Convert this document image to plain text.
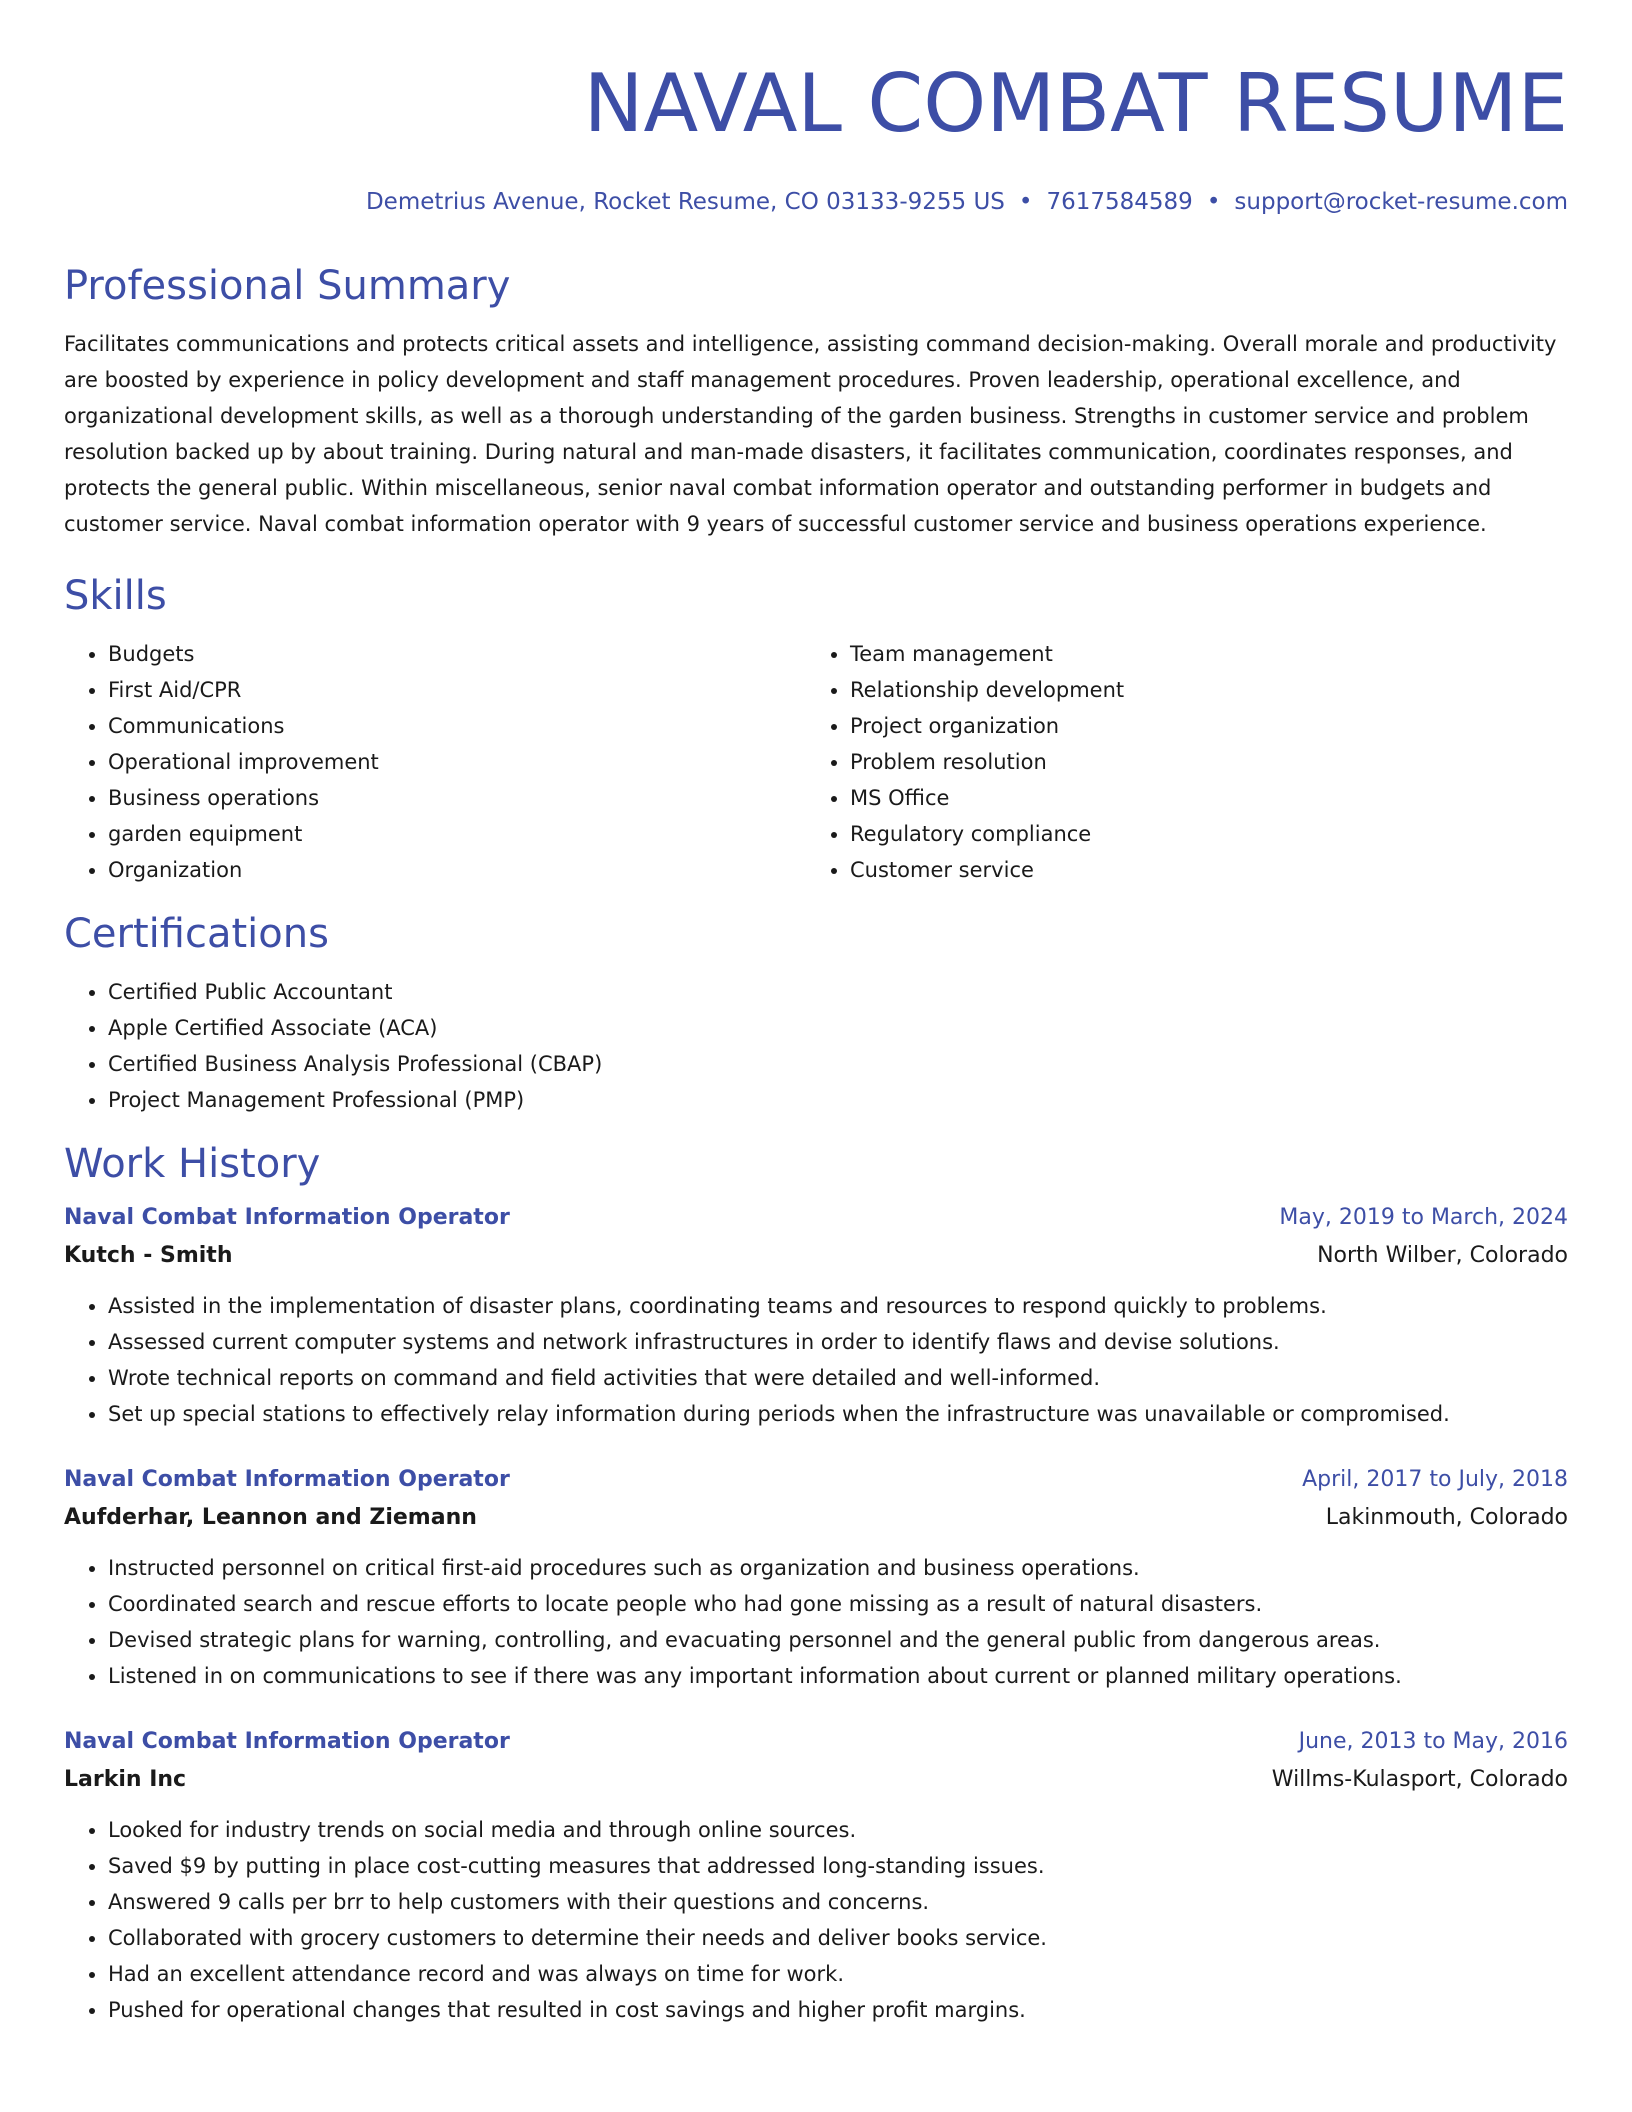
NAVAL COMBAT RESUME
Demetrius Avenue, Rocket Resume, CO 03133-9255 US • 7617584589 • support@rocket-resume.com
Professional Summary

Facilitates communications and protects critical assets and intelligence, assisting command decision-making. Overall morale and productivity are boosted by experience in policy development and staff management procedures. Proven leadership, operational excellence, and organizational development skills, as well as a thorough understanding of the garden business. Strengths in customer service and problem resolution backed up by about training. During natural and man-made disasters, it facilitates communication, coordinates responses, and protects the general public. Within miscellaneous, senior naval combat information operator and outstanding performer in budgets and customer service. Naval combat information operator with 9 years of successful customer service and business operations experience.

Skills
• Budgets
• First Aid/CPR
• Communications
• Operational improvement
• Business operations
• garden equipment
• Organization
• Team management
• Relationship development
• Project organization
• Problem resolution
• MS Office
• Regulatory compliance
• Customer service
Certifications
• Certified Public Accountant
• Apple Certified Associate (ACA)
• Certified Business Analysis Professional (CBAP)
• Project Management Professional (PMP)
Work History
Naval Combat Information Operator	May, 2019 to March, 2024
Kutch - Smith	North Wilber, Colorado
• Assisted in the implementation of disaster plans, coordinating teams and resources to respond quickly to problems.
• Assessed current computer systems and network infrastructures in order to identify flaws and devise solutions.
• Wrote technical reports on command and field activities that were detailed and well-informed.
• Set up special stations to effectively relay information during periods when the infrastructure was unavailable or compromised.
Naval Combat Information Operator	April, 2017 to July, 2018
Aufderhar, Leannon and Ziemann	Lakinmouth, Colorado
• Instructed personnel on critical first-aid procedures such as organization and business operations.
• Coordinated search and rescue efforts to locate people who had gone missing as a result of natural disasters.
• Devised strategic plans for warning, controlling, and evacuating personnel and the general public from dangerous areas.
• Listened in on communications to see if there was any important information about current or planned military operations.
Naval Combat Information Operator	June, 2013 to May, 2016
Larkin Inc	Willms-Kulasport, Colorado
• Looked for industry trends on social media and through online sources.
• Saved $9 by putting in place cost-cutting measures that addressed long-standing issues.
• Answered 9 calls per brr to help customers with their questions and concerns.
• Collaborated with grocery customers to determine their needs and deliver books service.
• Had an excellent attendance record and was always on time for work.
• Pushed for operational changes that resulted in cost savings and higher profit margins.
